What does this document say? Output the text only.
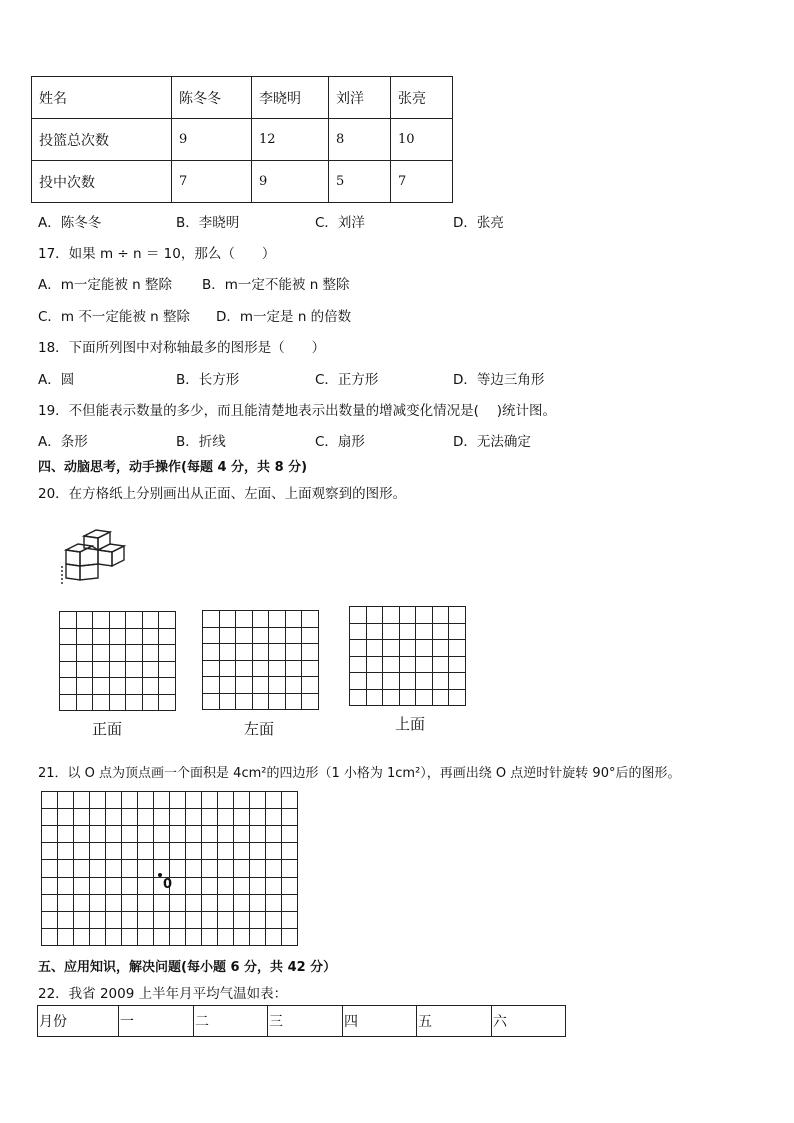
姓名	陈冬冬	李晓明	刘洋	张亮
投篮总次数	9	12	8	10
投中次数	7	9	5	7
A．陈冬冬	B．李晓明	C．刘洋	D．张亮
17．如果 m ÷ n ＝ 10，那么（　　）
A．m一定能被 n 整除 B．m一定不能被 n 整除
C．m 不一定能被 n 整除 D．m一定是 n 的倍数
18．下面所列图中对称轴最多的图形是（　　）
A．圆	B．长方形	C．正方形	D．等边三角形
19．不但能表示数量的多少，而且能清楚地表示出数量的增减变化情况是(　 )统计图。
A．条形	B．折线	C．扇形	D．无法确定
四、动脑思考，动手操作(每题 4 分，共 8 分)
20．在方格纸上分别画出从正面、左面、上面观察到的图形。
正面	左面	上面
21．以 O 点为顶点画一个面积是 4cm²的四边形（1 小格为 1cm²），再画出绕 O 点逆时针旋转 90°后的图形。
0
五、应用知识，解决问题(每小题 6 分，共 42 分）
22．我省 2009 上半年月平均气温如表：
月份	一	二	三	四	五	六
